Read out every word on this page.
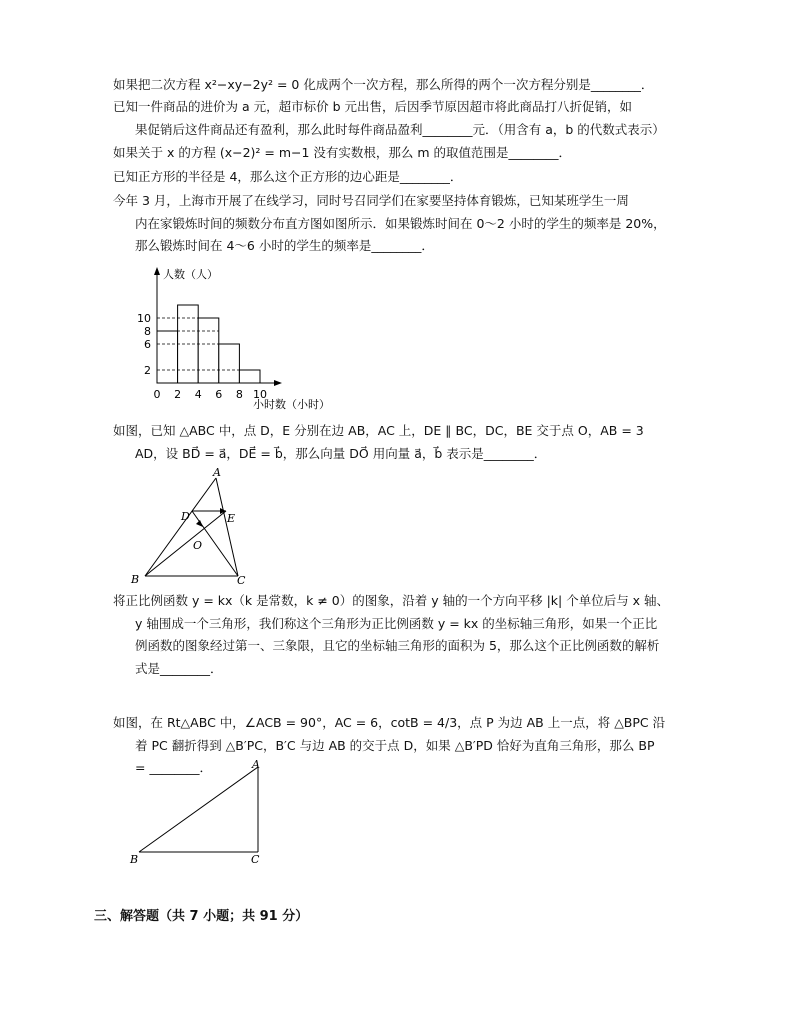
如果把二次方程 x²−xy−2y² = 0 化成两个一次方程，那么所得的两个一次方程分别是________．

已知一件商品的进价为 a 元，超市标价 b 元出售，后因季节原因超市将此商品打八折促销，如

果促销后这件商品还有盈利，那么此时每件商品盈利________元．（用含有 a，b 的代数式表示）

如果关于 x 的方程 (x−2)² = m−1 没有实数根，那么 m 的取值范围是________．

已知正方形的半径是 4，那么这个正方形的边心距是________．

今年 3 月，上海市开展了在线学习，同时号召同学们在家要坚持体育锻炼，已知某班学生一周

内在家锻炼时间的频数分布直方图如图所示．如果锻炼时间在 0～2 小时的学生的频率是 20%，

那么锻炼时间在 4～6 小时的学生的频率是________．

人数（人）
小时数（小时）
2
6
8
10
0 2 4 6 8 10

如图，已知 △ABC 中，点 D，E 分别在边 AB，AC 上，DE ∥ BC，DC，BE 交于点 O，AB = 3

AD，设 BD⃗ = a⃗，DE⃗ = b⃗，那么向量 DO⃗ 用向量 a⃗，b⃗ 表示是________．

A
B	C
D	E
O

将正比例函数 y = kx（k 是常数，k ≠ 0）的图象，沿着 y 轴的一个方向平移 |k| 个单位后与 x 轴、

y 轴围成一个三角形，我们称这个三角形为正比例函数 y = kx 的坐标轴三角形，如果一个正比

例函数的图象经过第一、三象限，且它的坐标轴三角形的面积为 5，那么这个正比例函数的解析

式是________．

如图，在 Rt△ABC 中，∠ACB = 90°，AC = 6，cotB = 4/3，点 P 为边 AB 上一点，将 △BPC 沿

着 PC 翻折得到 △B′PC，B′C 与边 AB 的交于点 D，如果 △B′PD 恰好为直角三角形，那么 BP

= ________．	A
B	C
三、解答题（共 7 小题；共 91 分）
